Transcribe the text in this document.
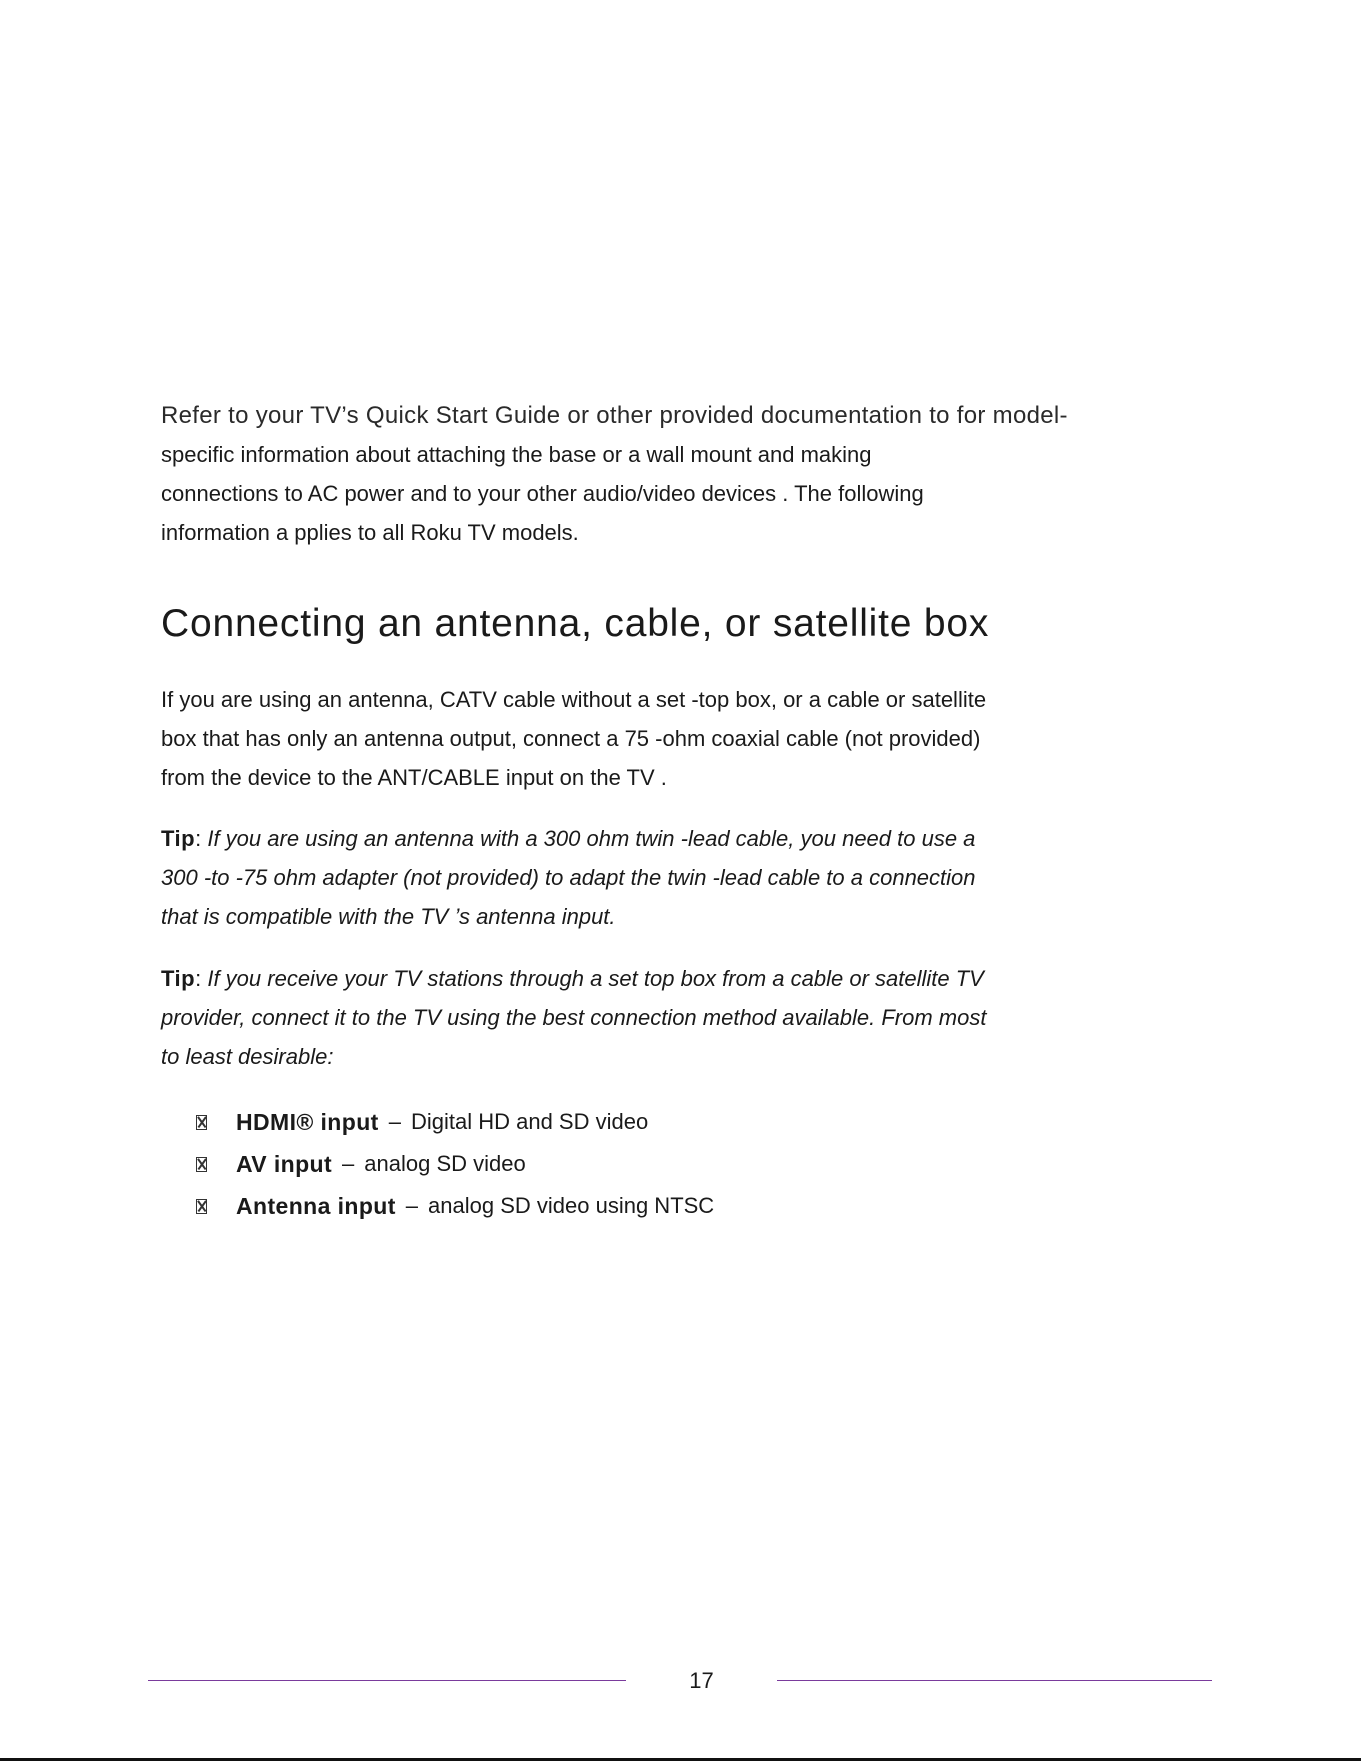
Refer to your TV’s Quick Start Guide or other provided documentation to for model-
specific information about attaching the base or a wall mount and making
connections to AC power and to your other audio/video devices . The following
information a pplies to all Roku TV models.
Connecting an antenna, cable, or satellite box
If you are using an antenna, CATV cable without a set -top box, or a cable or satellite
box that has only an antenna output, connect a 75 -ohm coaxial cable (not provided)
from the device to the ANT/CABLE input on the TV .
Tip: If you are using an antenna with a 300 ohm twin -lead cable, you need to use a
300 -to -75 ohm adapter (not provided) to adapt the twin -lead cable to a connection
that is compatible with the TV ’s antenna input.
Tip: If you receive your TV stations through a set top box from a cable or satellite TV
provider, connect it to the TV using the best connection method available. From most
to least desirable:
HDMI® input – Digital HD and SD video
AV input – analog SD video
Antenna input – analog SD video using NTSC
17
